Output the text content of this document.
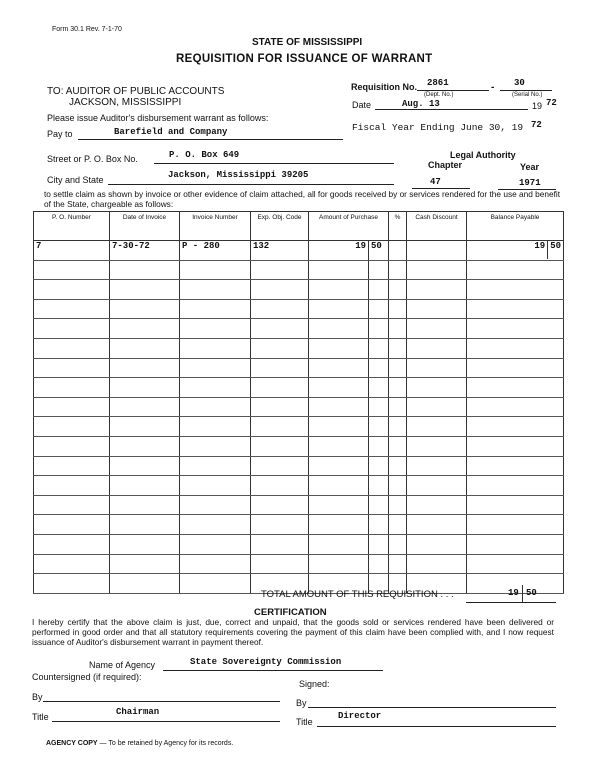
Form 30.1 Rev. 7-1-70
STATE OF MISSISSIPPI
REQUISITION FOR ISSUANCE OF WARRANT
TO: AUDITOR OF PUBLIC ACCOUNTS
JACKSON, MISSISSIPPI
Please issue Auditor's disbursement warrant as follows:
Requisition No. 2861	- 30
(Dept. No.)	(Serial No.)
Date	Aug. 13	19 72
Fiscal Year Ending June 30, 19 72
Pay to	Barefield and Company
Street or P. O. Box No.	P. O. Box 649
City and State	Jackson, Mississippi 39205
Legal Authority
Chapter	Year
47	1971
to settle claim as shown by invoice or other evidence of claim attached, all for goods received by or services rendered for the use and benefit of the State, chargeable as follows:
P. O. Number	Date of Invoice	Invoice Number	Exp. Obj. Code	Amount of Purchase		%	Cash Discount	Balance Payable
7	7-30-72	P - 280	132	19	50			19 50

TOTAL AMOUNT OF THIS REQUISITION . . .	19 50
CERTIFICATION
I hereby certify that the above claim is just, due, correct and unpaid, that the goods sold or services rendered have been delivered or performed in good order and that all statutory requirements covering the payment of this claim have been complied with, and I now request issuance of Auditor's disbursement warrant in payment thereof.
Name of Agency	State Sovereignty Commission
Countersigned (if required):
Signed:
By
By
Title	Chairman
Title
Director
AGENCY COPY — To be retained by Agency for its records.
